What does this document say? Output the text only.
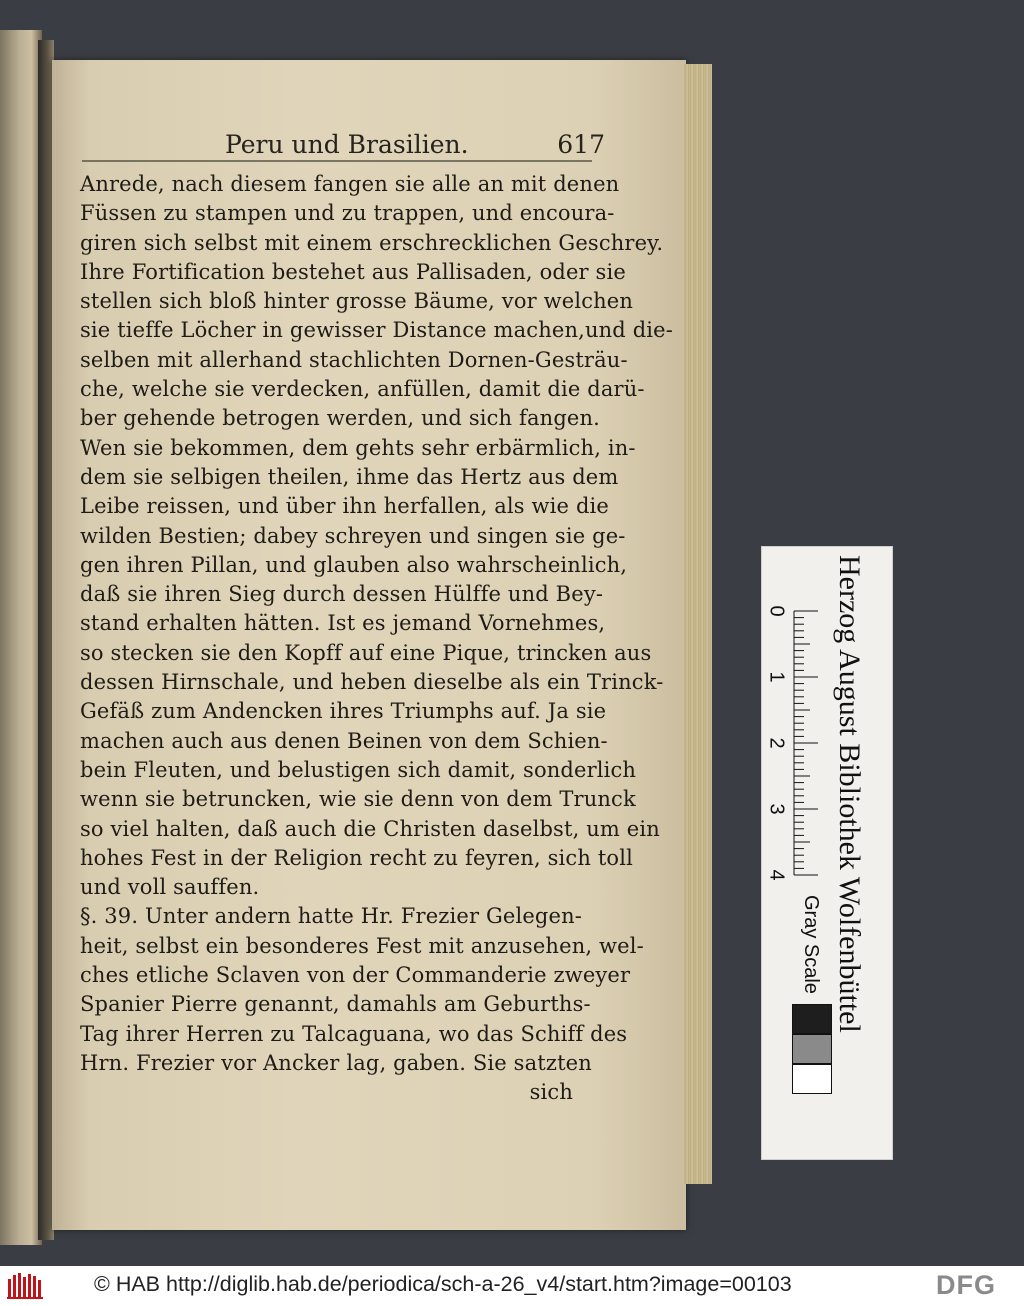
Peru und Brasilien.	617
Anrede, nach diesem fangen sie alle an mit denen
Füssen zu stampen und zu trappen, und encoura-
giren sich selbst mit einem erschrecklichen Geschrey.
Ihre Fortification bestehet aus Pallisaden, oder sie
stellen sich bloß hinter grosse Bäume, vor welchen
sie tieffe Löcher in gewisser Distance machen,und die-
selben mit allerhand stachlichten Dornen-Gesträu-
che, welche sie verdecken, anfüllen, damit die darü-
ber gehende betrogen werden, und sich fangen.
Wen sie bekommen, dem gehts sehr erbärmlich, in-
dem sie selbigen theilen, ihme das Hertz aus dem
Leibe reissen, und über ihn herfallen, als wie die
wilden Bestien; dabey schreyen und singen sie ge-
gen ihren Pillan, und glauben also wahrscheinlich,
daß sie ihren Sieg durch dessen Hülffe und Bey-
stand erhalten hätten. Ist es jemand Vornehmes,
so stecken sie den Kopff auf eine Pique, trincken aus
dessen Hirnschale, und heben dieselbe als ein Trinck-
Gefäß zum Andencken ihres Triumphs auf. Ja sie
machen auch aus denen Beinen von dem Schien-
bein Fleuten, und belustigen sich damit, sonderlich
wenn sie betruncken, wie sie denn von dem Trunck
so viel halten, daß auch die Christen daselbst, um ein
hohes Fest in der Religion recht zu feyren, sich toll
und voll sauffen.
§. 39. Unter andern hatte Hr. Frezier Gelegen-
heit, selbst ein besonderes Fest mit anzusehen, wel-
ches etliche Sclaven von der Commanderie zweyer
Spanier Pierre genannt, damahls am Geburths-
Tag ihrer Herren zu Talcaguana, wo das Schiff des
Hrn. Frezier vor Ancker lag, gaben. Sie satzten
sich
0
1
2
3
4
Gray Scale Herzog August Bibliothek Wolfenbüttel
© HAB http://diglib.hab.de/periodica/sch-a-26_v4/start.htm?image=00103	DFG
